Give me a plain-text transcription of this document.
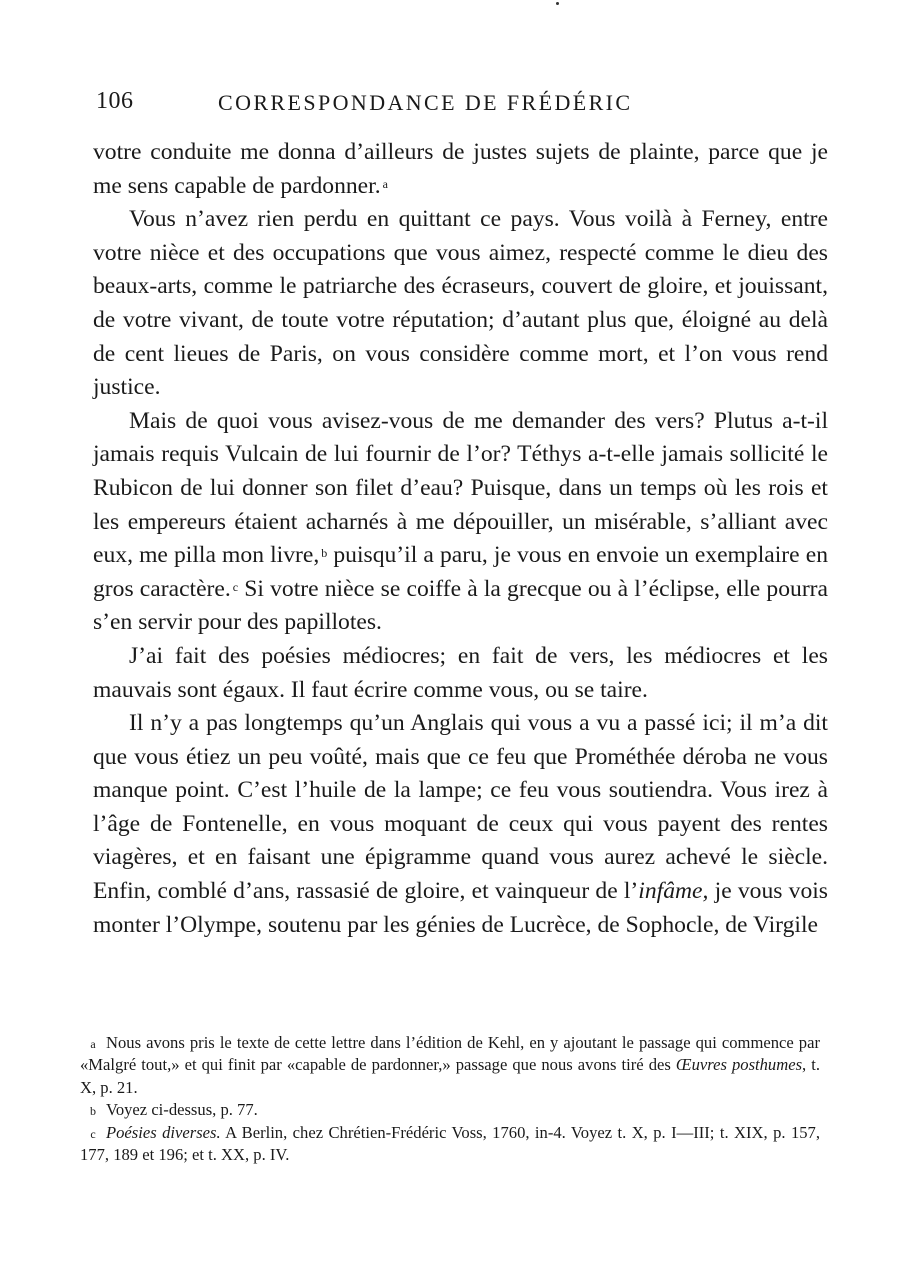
106	CORRESPONDANCE DE FRÉDÉRIC

votre conduite me donna d’ailleurs de justes sujets de plainte, parce que je me sens capable de pardonner. $^a$

Vous n’avez rien perdu en quittant ce pays. Vous voilà à Ferney, entre votre nièce et des occupations que vous aimez, respecté comme le dieu des beaux-arts, comme le patriarche des écraseurs, couvert de gloire, et jouissant, de votre vivant, de toute votre réputation; d’autant plus que, éloigné au delà de cent lieues de Paris, on vous considère comme mort, et l’on vous rend justice.

Mais de quoi vous avisez-vous de me demander des vers? Plutus a-t-il jamais requis Vulcain de lui fournir de l’or? Téthys a-t-elle jamais sollicité le Rubicon de lui donner son filet d’eau? Puisque, dans un temps où les rois et les empereurs étaient acharnés à me dépouiller, un misérable, s’alliant avec eux, me pilla mon livre, $^b$ puisqu’il a paru, je vous en envoie un exemplaire en gros caractère. $^c$ Si votre nièce se coiffe à la grecque ou à l’éclipse, elle pourra s’en servir pour des papillotes.

J’ai fait des poésies médiocres; en fait de vers, les médiocres et les mauvais sont égaux. Il faut écrire comme vous, ou se taire.

Il n’y a pas longtemps qu’un Anglais qui vous a vu a passé ici; il m’a dit que vous étiez un peu voûté, mais que ce feu que Prométhée déroba ne vous manque point. C’est l’huile de la lampe; ce feu vous soutiendra. Vous irez à l’âge de Fontenelle, en vous moquant de ceux qui vous payent des rentes viagères, et en faisant une épigramme quand vous aurez achevé le siècle. Enfin, comblé d’ans, rassasié de gloire, et vainqueur de l’infâme, je vous vois monter l’Olympe, soutenu par les génies de Lucrèce, de Sophocle, de Virgile

a Nous avons pris le texte de cette lettre dans l’édition de Kehl, en y ajoutant le passage qui commence par «Malgré tout,» et qui finit par «capable de pardonner,» passage que nous avons tiré des Œuvres posthumes, t. X, p. 21.

b Voyez ci-dessus, p. 77.

c Poésies diverses. A Berlin, chez Chrétien-Frédéric Voss, 1760, in-4. Voyez t. X, p. I—III; t. XIX, p. 157, 177, 189 et 196; et t. XX, p. IV.
